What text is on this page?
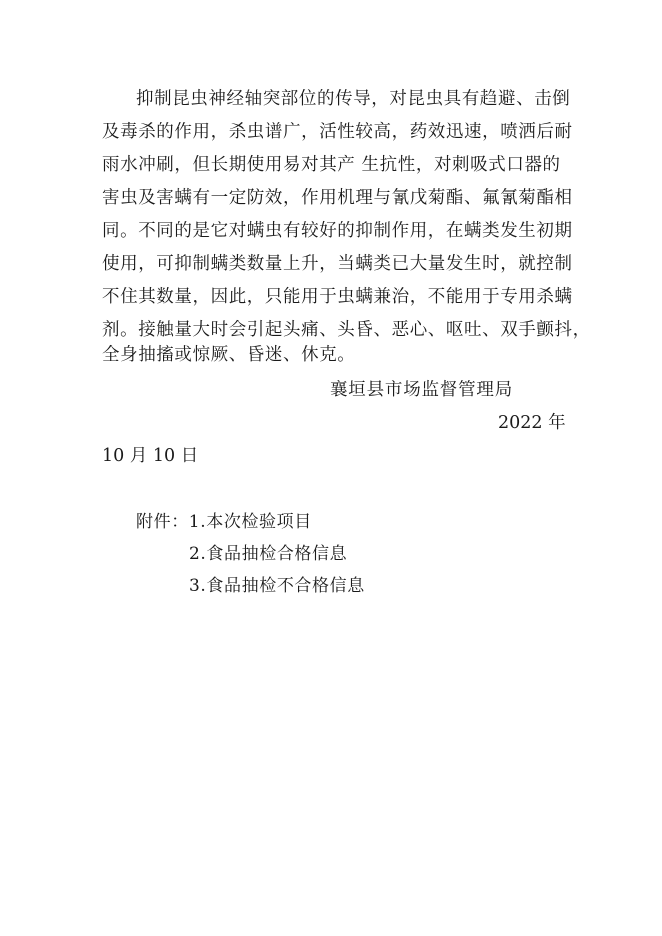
抑制昆虫神经轴突部位的传导，对昆虫具有趋避、击倒
及毒杀的作用，杀虫谱广，活性较高，药效迅速，喷洒后耐
雨水冲刷，但长期使用易对其产 生抗性，对刺吸式口器的
害虫及害螨有一定防效，作用机理与氰戊菊酯、氟氰菊酯相
同。不同的是它对螨虫有较好的抑制作用，在螨类发生初期
使用，可抑制螨类数量上升，当螨类已大量发生时，就控制
不住其数量，因此，只能用于虫螨兼治，不能用于专用杀螨
剂。接触量大时会引起头痛、头昏、恶心、呕吐、双手颤抖，
全身抽搐或惊厥、昏迷、休克。
襄垣县市场监督管理局
2022 年
10 月 10 日
附件：1.本次检验项目
2.食品抽检合格信息
3.食品抽检不合格信息
